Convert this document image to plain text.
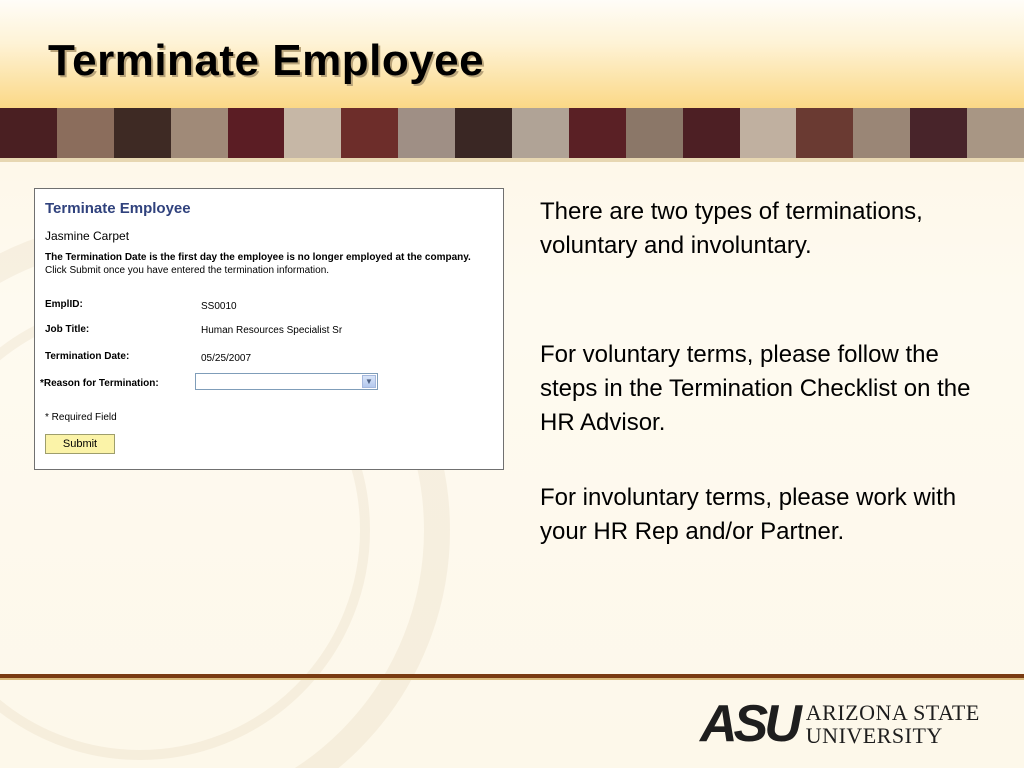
Terminate Employee
Terminate Employee
Jasmine Carpet
The Termination Date is the first day the employee is no longer employed at the company.
Click Submit once you have entered the termination information.
EmplID:	SS0010
Job Title:	Human Resources Specialist Sr
Termination Date:	05/25/2007
*Reason for Termination:	▼
* Required Field
Submit
There are two types of terminations, voluntary and involuntary.
For voluntary terms, please follow the steps in the Termination Checklist on the HR Advisor.
For involuntary terms, please work with your HR Rep and/or Partner.
ASU ARIZONA STATE
UNIVERSITY
